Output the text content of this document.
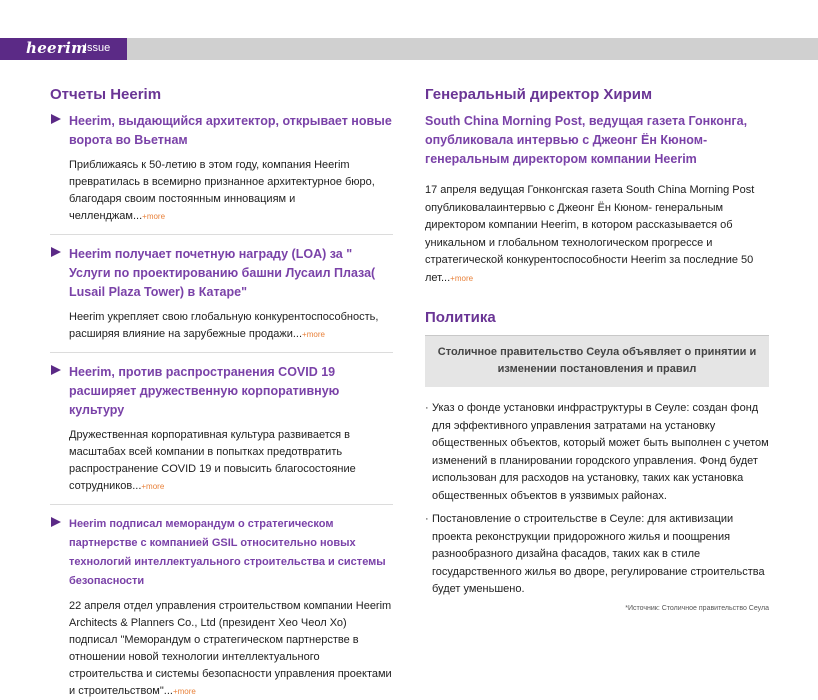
heerim
Issue
Отчеты Heerim
Heerim, выдающийся архитектор, открывает новые ворота во Вьетнам
Приближаясь к 50-летию в этом году, компания Heerim превратилась в всемирно признанное архитектурное бюро, благодаря своим постоянным инновациям и челленджам...+more
Heerim получает почетную награду (LOA) за " Услуги по проектированию башни Лусаил Плаза( Lusail Plaza Tower) в Катаре"
Heerim укрепляет свою глобальную конкурентоспособность, расширяя влияние на зарубежные продажи...+more
Heerim, против распространения COVID 19 расширяет дружественную корпоративную культуру
Дружественная корпоративная культура развивается в масштабах всей компании в попытках предотвратить распространение COVID 19 и повысить благосостояние сотрудников...+more
Heerim подписал меморандум о стратегическом партнерстве с компанией GSIL относительно новых технологий интеллектуального строительства и системы безопасности
22 апреля отдел управления строительством компании Heerim Architects & Planners Co., Ltd (президент Хео Чеол Хо) подписал "Меморандум о стратегическом партнерстве в отношении новой технологии интеллектуального строительства и системы безопасности управления проектами и строительством"...+more
Генеральный директор Хирим
South China Morning Post, ведущая газета Гонконга, опубликовала интервью с Джеонг Ён Кюном-генеральным директором компании Heerim
17 апреля ведущая Гонконгская газета South China Morning Post опубликовалаинтервью с Джеонг Ён Кюном- генеральным директором компании Heerim, в котором рассказывается об уникальном и глобальном технологическом прогрессе и стратегической конкурентоспособности Heerim за последние 50 лет...+more
Политика
Столичное правительство Сеула объявляет о принятии и изменении постановления и правил
· Указ о фонде установки инфраструктуры в Сеуле: создан фонд для эффективного управления затратами на установку общественных объектов, который может быть выполнен с учетом изменений в планировании городского управления. Фонд будет использован для расходов на установку, таких как установка общественных объектов в уязвимых районах.
· Постановление о строительстве в Сеуле: для активизации проекта реконструкции придорожного жилья и поощрения разнообразного дизайна фасадов, таких как в стиле государственного жилья во дворе, регулирование строительства будет уменьшено.
*Источник: Столичное правительство Сеула
